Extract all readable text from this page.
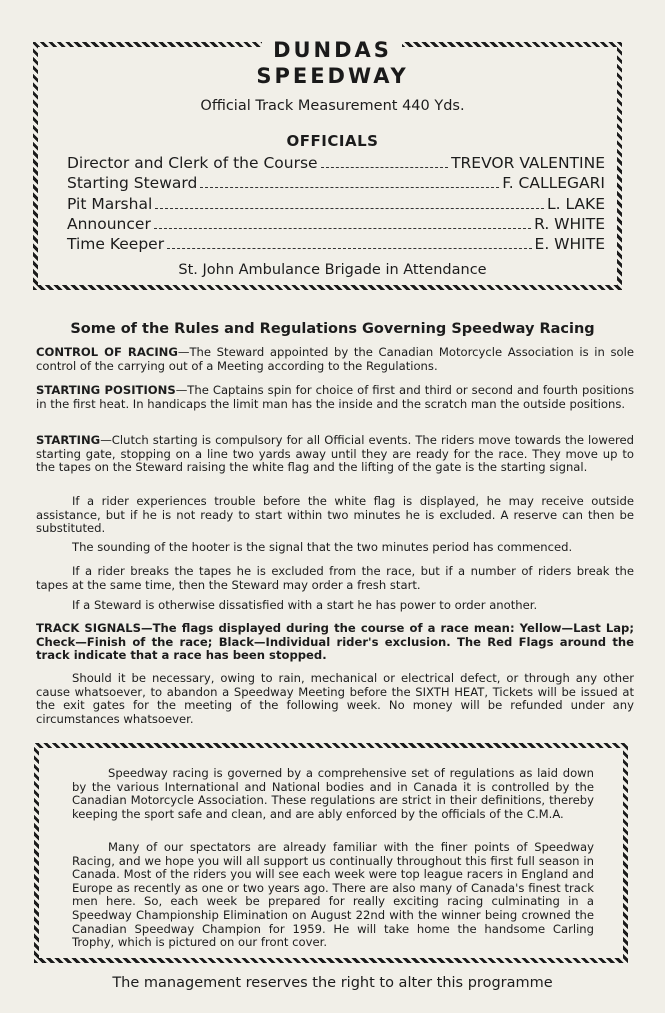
DUNDAS
SPEEDWAY
Official Track Measurement 440 Yds.
OFFICIALS
Director and Clerk of the Course	TREVOR VALENTINE
Starting Steward	F. CALLEGARI
Pit Marshal	L. LAKE
Announcer	R. WHITE
Time Keeper	E. WHITE
St. John Ambulance Brigade in Attendance
Some of the Rules and Regulations Governing Speedway Racing
CONTROL OF RACING—The Steward appointed by the Canadian Motorcycle Association is in sole control of the carrying out of a Meeting according to the Regulations.
STARTING POSITIONS—The Captains spin for choice of first and third or second and fourth positions in the first heat. In handicaps the limit man has the inside and the scratch man the outside positions.
STARTING—Clutch starting is compulsory for all Official events. The riders move towards the lowered starting gate, stopping on a line two yards away until they are ready for the race. They move up to the tapes on the Steward raising the white flag and the lifting of the gate is the starting signal.
If a rider experiences trouble before the white flag is displayed, he may receive outside assistance, but if he is not ready to start within two minutes he is excluded. A reserve can then be substituted.
The sounding of the hooter is the signal that the two minutes period has commenced.
If a rider breaks the tapes he is excluded from the race, but if a number of riders break the tapes at the same time, then the Steward may order a fresh start.
If a Steward is otherwise dissatisfied with a start he has power to order another.
TRACK SIGNALS—The flags displayed during the course of a race mean: Yellow—Last Lap; Check—Finish of the race; Black—Individual rider's exclusion. The Red Flags around the track indicate that a race has been stopped.
Should it be necessary, owing to rain, mechanical or electrical defect, or through any other cause whatsoever, to abandon a Speedway Meeting before the SIXTH HEAT, Tickets will be issued at the exit gates for the meeting of the following week. No money will be refunded under any circumstances whatsoever.
Speedway racing is governed by a comprehensive set of regulations as laid down by the various International and National bodies and in Canada it is controlled by the Canadian Motorcycle Association. These regulations are strict in their definitions, thereby keeping the sport safe and clean, and are ably enforced by the officials of the C.M.A.
Many of our spectators are already familiar with the finer points of Speedway Racing, and we hope you will all support us continually throughout this first full season in Canada. Most of the riders you will see each week were top league racers in England and Europe as recently as one or two years ago. There are also many of Canada's finest track men here. So, each week be prepared for really exciting racing culminating in a Speedway Championship Elimination on August 22nd with the winner being crowned the Canadian Speedway Champion for 1959. He will take home the handsome Carling Trophy, which is pictured on our front cover.
The management reserves the right to alter this programme
